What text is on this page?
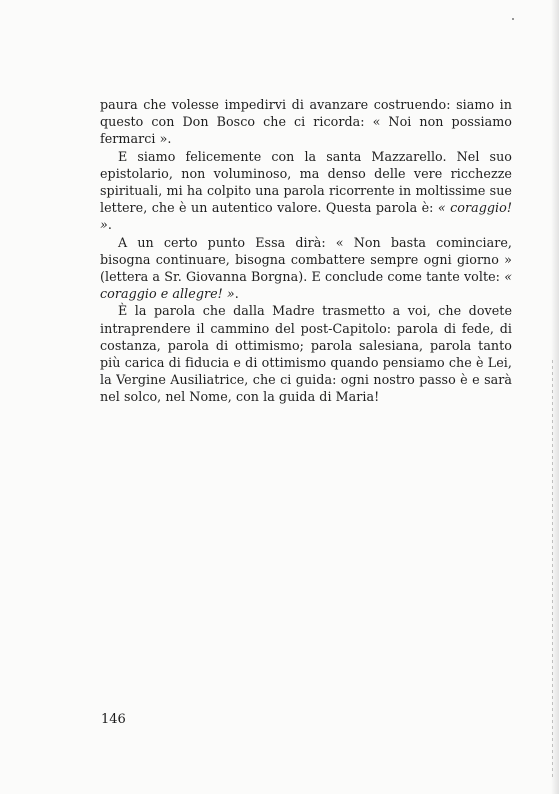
paura che volesse impedirvi di avanzare costruendo: siamo in questo con Don Bosco che ci ricorda: « Noi non possiamo fermarci ».

E siamo felicemente con la santa Mazzarello. Nel suo epistolario, non voluminoso, ma denso delle vere ricchezze spirituali, mi ha colpito una parola ricorrente in moltissime sue lettere, che è un autentico valore. Questa parola è: « coraggio! ».

A un certo punto Essa dirà: « Non basta cominciare, bisogna continuare, bisogna combattere sempre ogni giorno » (lettera a Sr. Giovanna Borgna). E conclude come tante volte: « coraggio e allegre! ».

È la parola che dalla Madre trasmetto a voi, che dovete intraprendere il cammino del post-Capitolo: parola di fede, di costanza, parola di ottimismo; parola salesiana, parola tanto più carica di fiducia e di ottimismo quando pensiamo che è Lei, la Vergine Ausiliatrice, che ci guida: ogni nostro passo è e sarà nel solco, nel Nome, con la guida di Maria!

146
